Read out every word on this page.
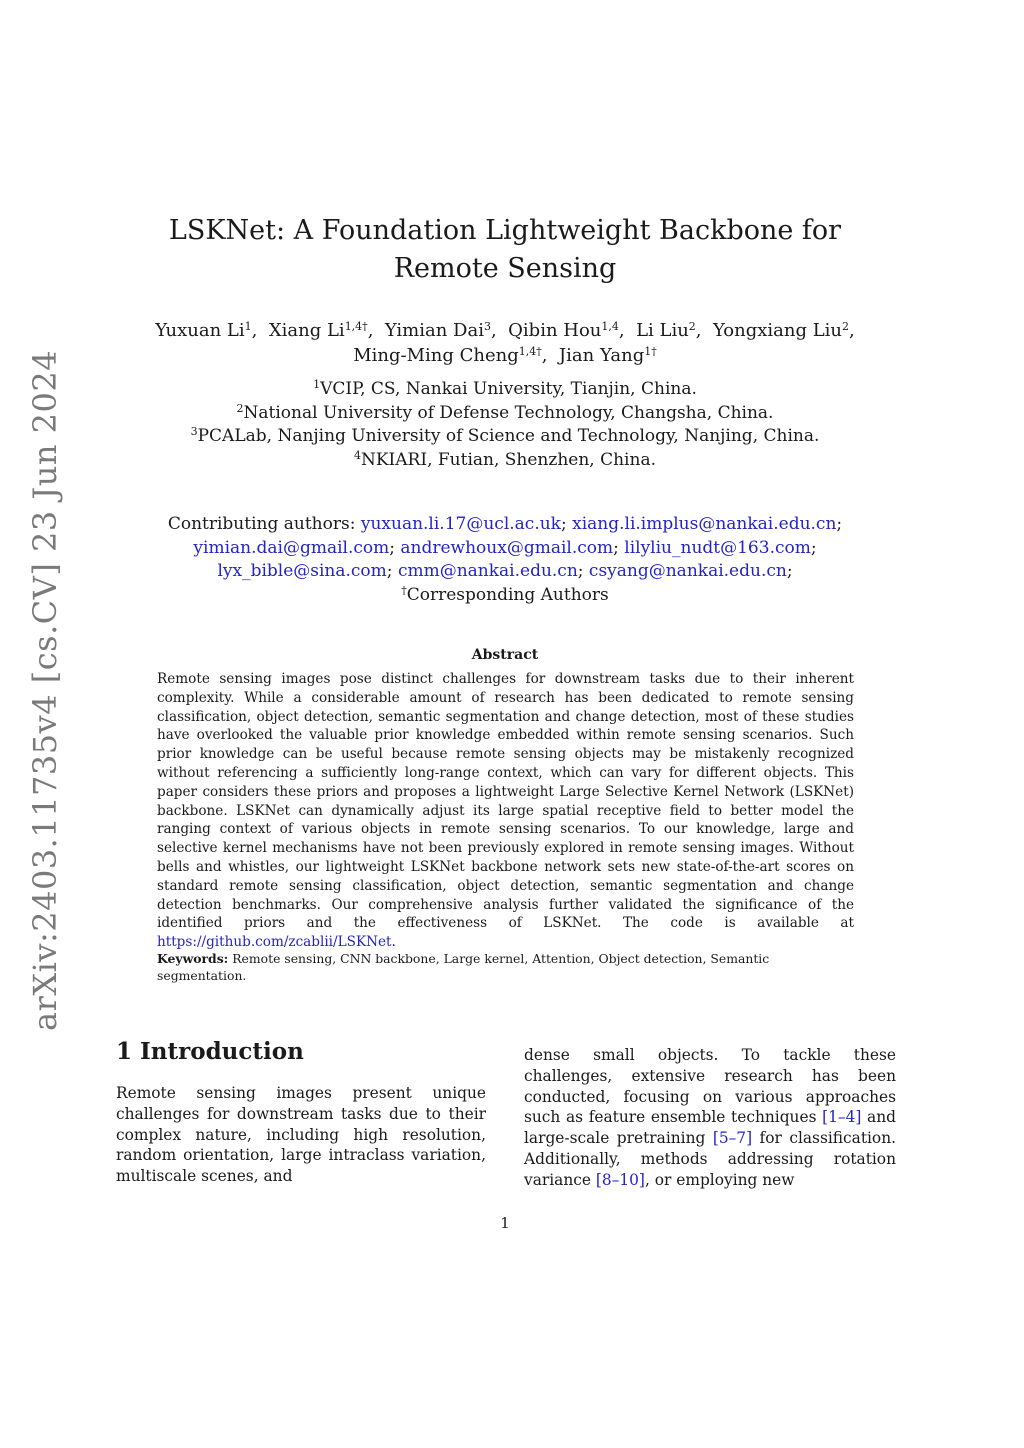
arXiv:2403.11735v4 [cs.CV] 23 Jun 2024
LSKNet: A Foundation Lightweight Backbone for
Remote Sensing
Yuxuan Li$^1$,  Xiang $Li^{1,4\dagger}$,  Yimian Dai$^3$,  Qibin Hou$^{1,4}$,  Li Liu$^2$,  Yongxiang Liu$^2$,
Ming-Ming Cheng$^{1,4\dagger}$,  Jian Yang$^{1\dagger}$
$^1$VCIP, CS, Nankai University, Tianjin, China.
$^2$National University of Defense Technology, Changsha, China.
$^3$PCALab, Nanjing University of Science and Technology, Nanjing, China.
$^4$NKIARI, Futian, Shenzhen, China.
Contributing authors: yuxuan.li.17@ucl.ac.uk; xiang.li.implus@nankai.edu.cn;
yimian.dai@gmail.com; andrewhoux@gmail.com; lilyliu_nudt@163.com;
lyx_bible@sina.com; cmm@nankai.edu.cn; csyang@nankai.edu.cn;
†Corresponding Authors
Abstract
Remote sensing images pose distinct challenges for downstream tasks due to their inherent complexity. While a considerable amount of research has been dedicated to remote sensing classification, object detection, semantic segmentation and change detection, most of these studies have overlooked the valuable prior knowledge embedded within remote sensing scenarios. Such prior knowledge can be useful because remote sensing objects may be mistakenly recognized without referencing a sufficiently long-range context, which can vary for different objects. This paper considers these priors and proposes a lightweight Large Selective Kernel Network (LSKNet) backbone. LSKNet can dynamically adjust its large spatial receptive field to better model the ranging context of various objects in remote sensing scenarios. To our knowledge, large and selective kernel mechanisms have not been previously explored in remote sensing images. Without bells and whistles, our lightweight LSKNet backbone network sets new state-of-the-art scores on standard remote sensing classification, object detection, semantic segmentation and change detection benchmarks. Our comprehensive analysis further validated the significance of the identified priors and the effectiveness of LSKNet. The code is available at https://github.com/zcablii/LSKNet.
Keywords: Remote sensing, CNN backbone, Large kernel, Attention, Object detection, Semantic segmentation.
1 Introduction
Remote sensing images present unique challenges for downstream tasks due to their complex nature, including high resolution, random orientation, large intraclass variation, multiscale scenes, and
dense small objects. To tackle these challenges, extensive research has been conducted, focusing on various approaches such as feature ensemble techniques [1–4] and large-scale pretraining [5–7] for classification. Additionally, methods addressing rotation variance [8–10], or employing new
1
